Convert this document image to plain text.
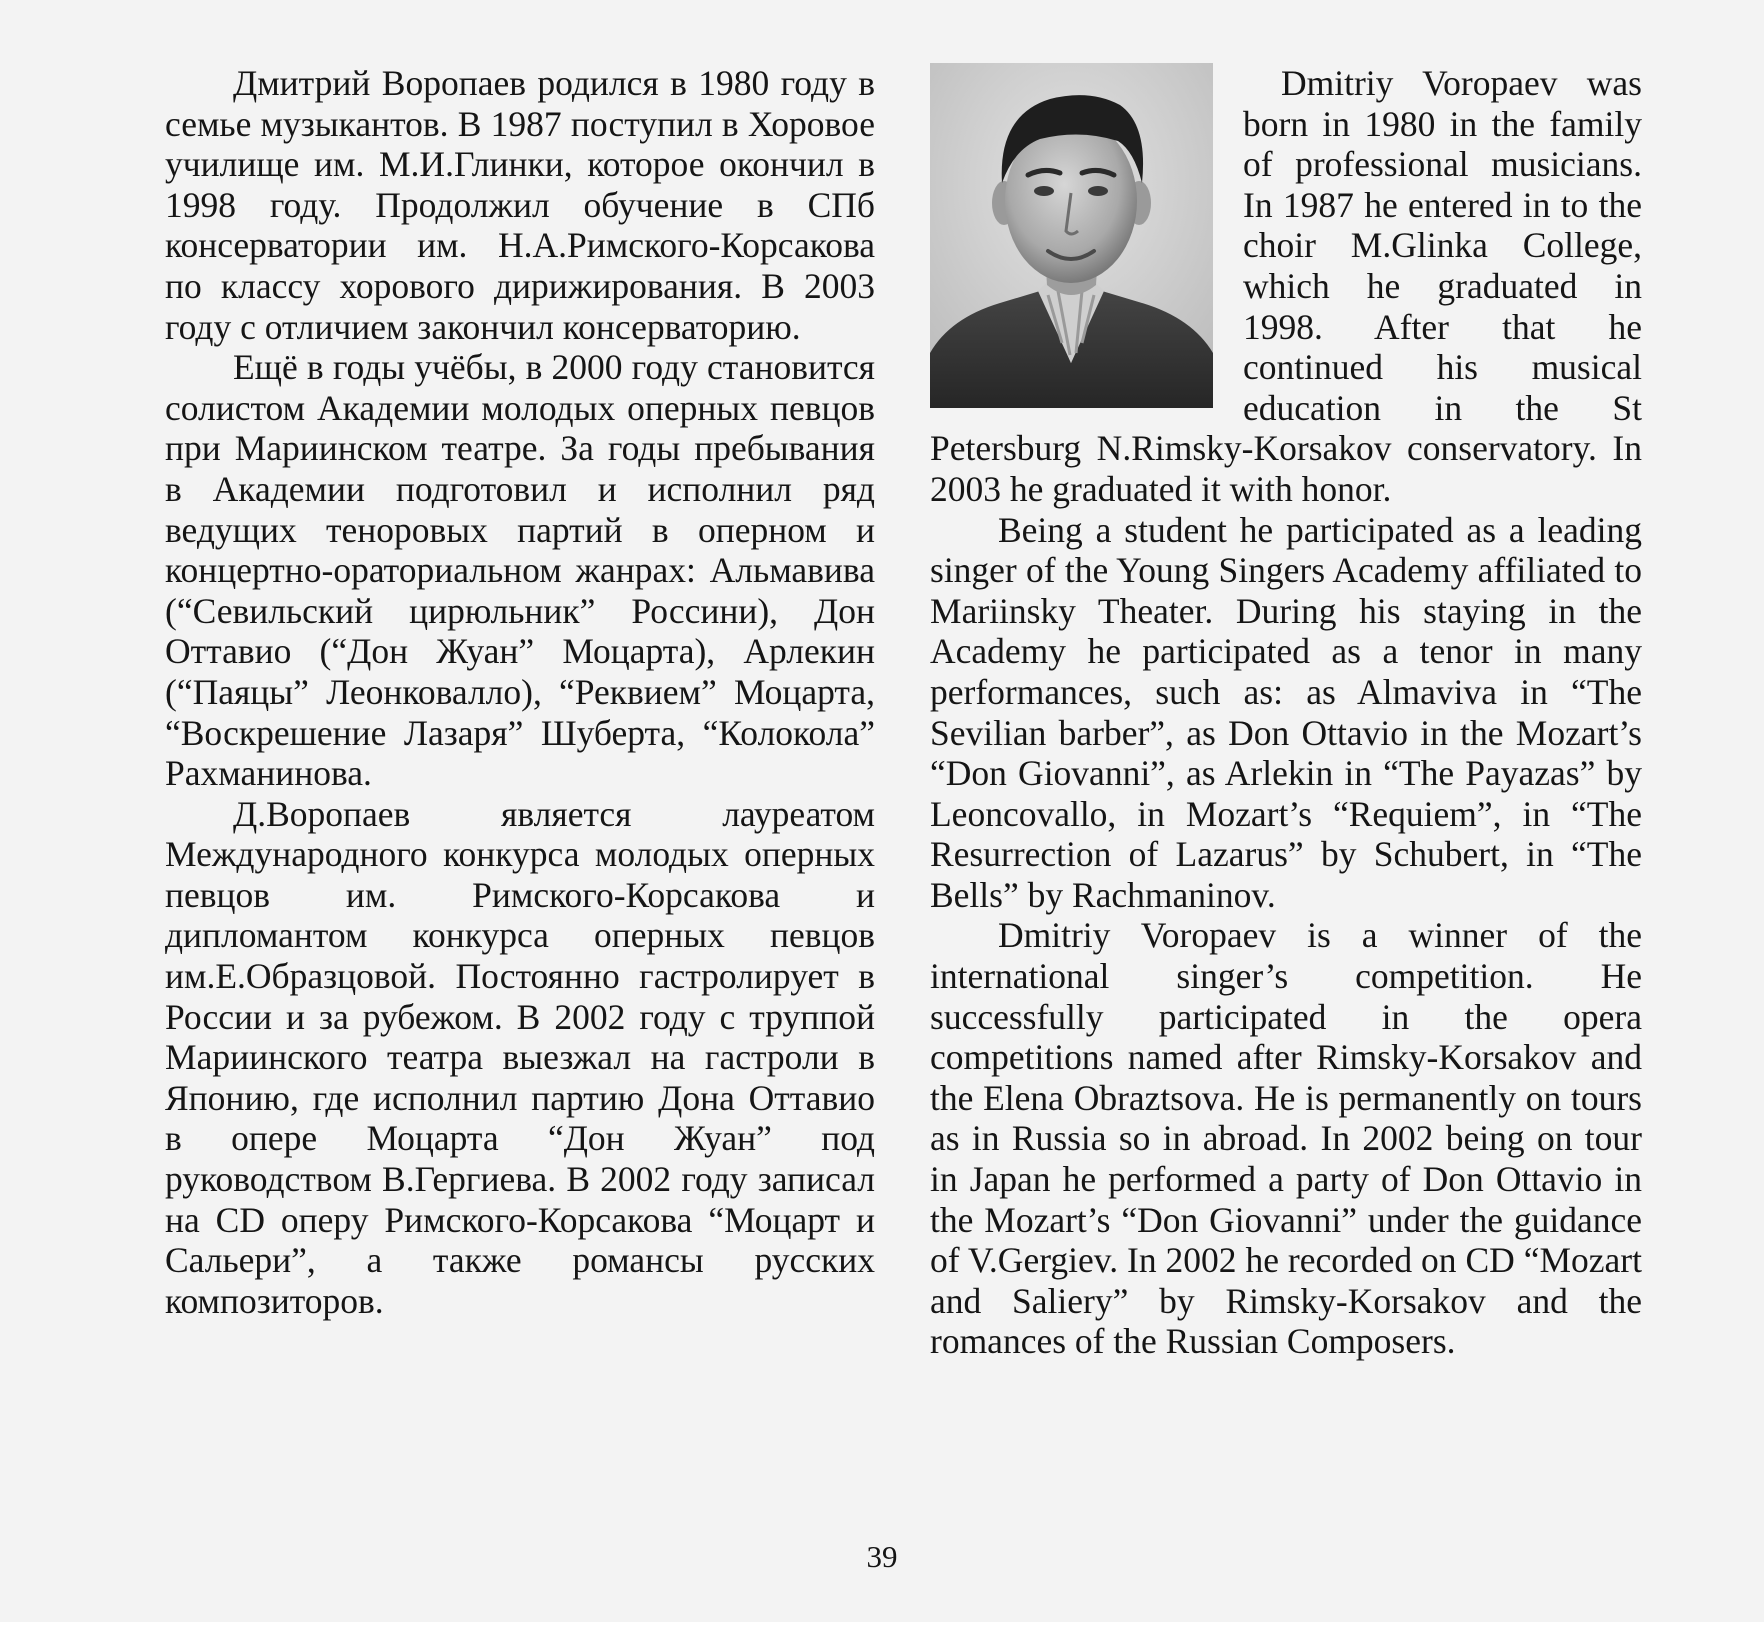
Дмитрий Воропаев родился в 1980 году в семье музыкантов. В 1987 поступил в Хоровое училище им. М.И.Глинки, которое окончил в 1998 году. Продолжил обучение в СПб консерватории им. Н.А.Римского-Корсакова по классу хорового дирижирования. В 2003 году с отличием закончил консерваторию.

Ещё в годы учёбы, в 2000 году становится солистом Академии молодых оперных певцов при Мариинском театре. За годы пребывания в Академии подготовил и исполнил ряд ведущих теноровых партий в оперном и концертно-ораториальном жанрах: Альмавива (“Севильский цирюльник” Россини), Дон Оттавио (“Дон Жуан” Моцарта), Арлекин (“Паяцы” Леонковалло), “Реквием” Моцарта, “Воскрешение Лазаря” Шуберта, “Колокола” Рахманинова.

Д.Воропаев является лауреатом Международного конкурса молодых оперных певцов им. Римского-Корсакова и дипломантом конкурса оперных певцов им.Е.Образцовой. Постоянно гастролирует в России и за рубежом. В 2002 году с труппой Мариинского театра выезжал на гастроли в Японию, где исполнил партию Дона Оттавио в опере Моцарта “Дон Жуан” под руководством В.Гергиева. В 2002 году записал на CD оперу Римского-Корсакова “Моцарт и Сальери”, а также романсы русских композиторов.

Dmitriy Voropaev was born in 1980 in the family of professional musicians. In 1987 he entered in to the choir M.Glinka College, which he graduated in 1998. After that he continued his musical education in the St Petersburg N.Rimsky-Korsakov conservatory. In 2003 he graduated it with honor.

Being a student he participated as a leading singer of the Young Singers Academy affiliated to Mariinsky Theater. During his staying in the Academy he participated as a tenor in many performances, such as: as Almaviva in “The Sevilian barber”, as Don Ottavio in the Mozart’s “Don Giovanni”, as Arlekin in “The Payazas” by Leoncovallo, in Mozart’s “Requiem”, in “The Resurrection of Lazarus” by Schubert, in “The Bells” by Rachmaninov.

Dmitriy Voropaev is a winner of the international singer’s competition. He successfully participated in the opera competitions named after Rimsky-Korsakov and the Elena Obraztsova. He is permanently on tours as in Russia so in abroad. In 2002 being on tour in Japan he performed a party of Don Ottavio in the Mozart’s “Don Giovanni” under the guidance of V.Gergiev. In 2002 he recorded on CD “Mozart and Saliery” by Rimsky-Korsakov and the romances of the Russian Composers.

39
